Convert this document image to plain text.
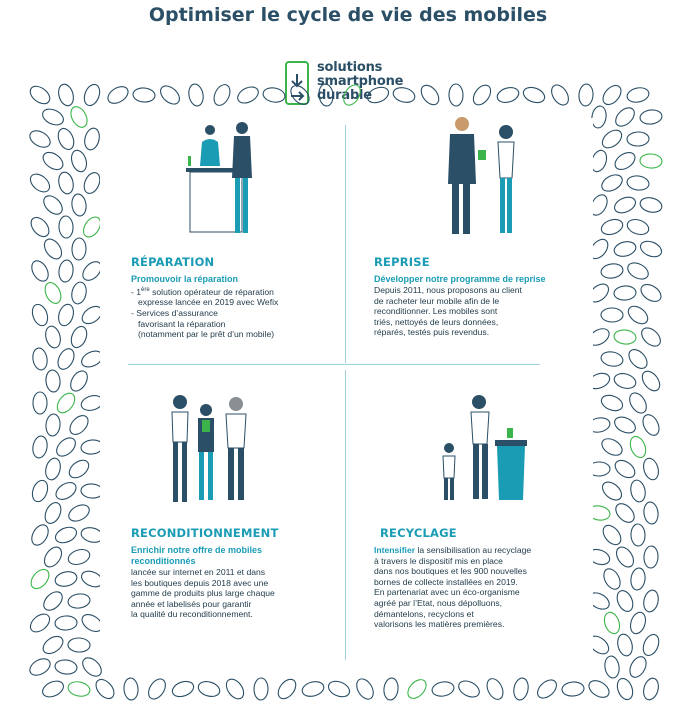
Optimiser le cycle de vie des mobiles
solutions
smartphone
durable
RÉPARATION
Promouvoir la réparation
- 1ère solution opérateur de réparation
expresse lancée en 2019 avec Wefix
- Services d’assurance
favorisant la réparation
(notamment par le prêt d’un mobile)
REPRISE
Développer notre programme de reprise
Depuis 2011, nous proposons au client
de racheter leur mobile afin de le
reconditionner. Les mobiles sont
triés, nettoyés de leurs données,
réparés, testés puis revendus.
RECONDITIONNEMENT
Enrichir notre offre de mobiles
reconditionnés
lancée sur internet en 2011 et dans
les boutiques depuis 2018 avec une
gamme de produits plus large chaque
année et labelisés pour garantir
la qualité du reconditionnement.
RECYCLAGE
Intensifier la sensibilisation au recyclage
à travers le dispositif mis en place
dans nos boutiques et les 900 nouvelles
bornes de collecte installées en 2019.
En partenariat avec un éco-organisme
agréé par l’Etat, nous dépolluons,
démantelons, recyclons et
valorisons les matières premières.
